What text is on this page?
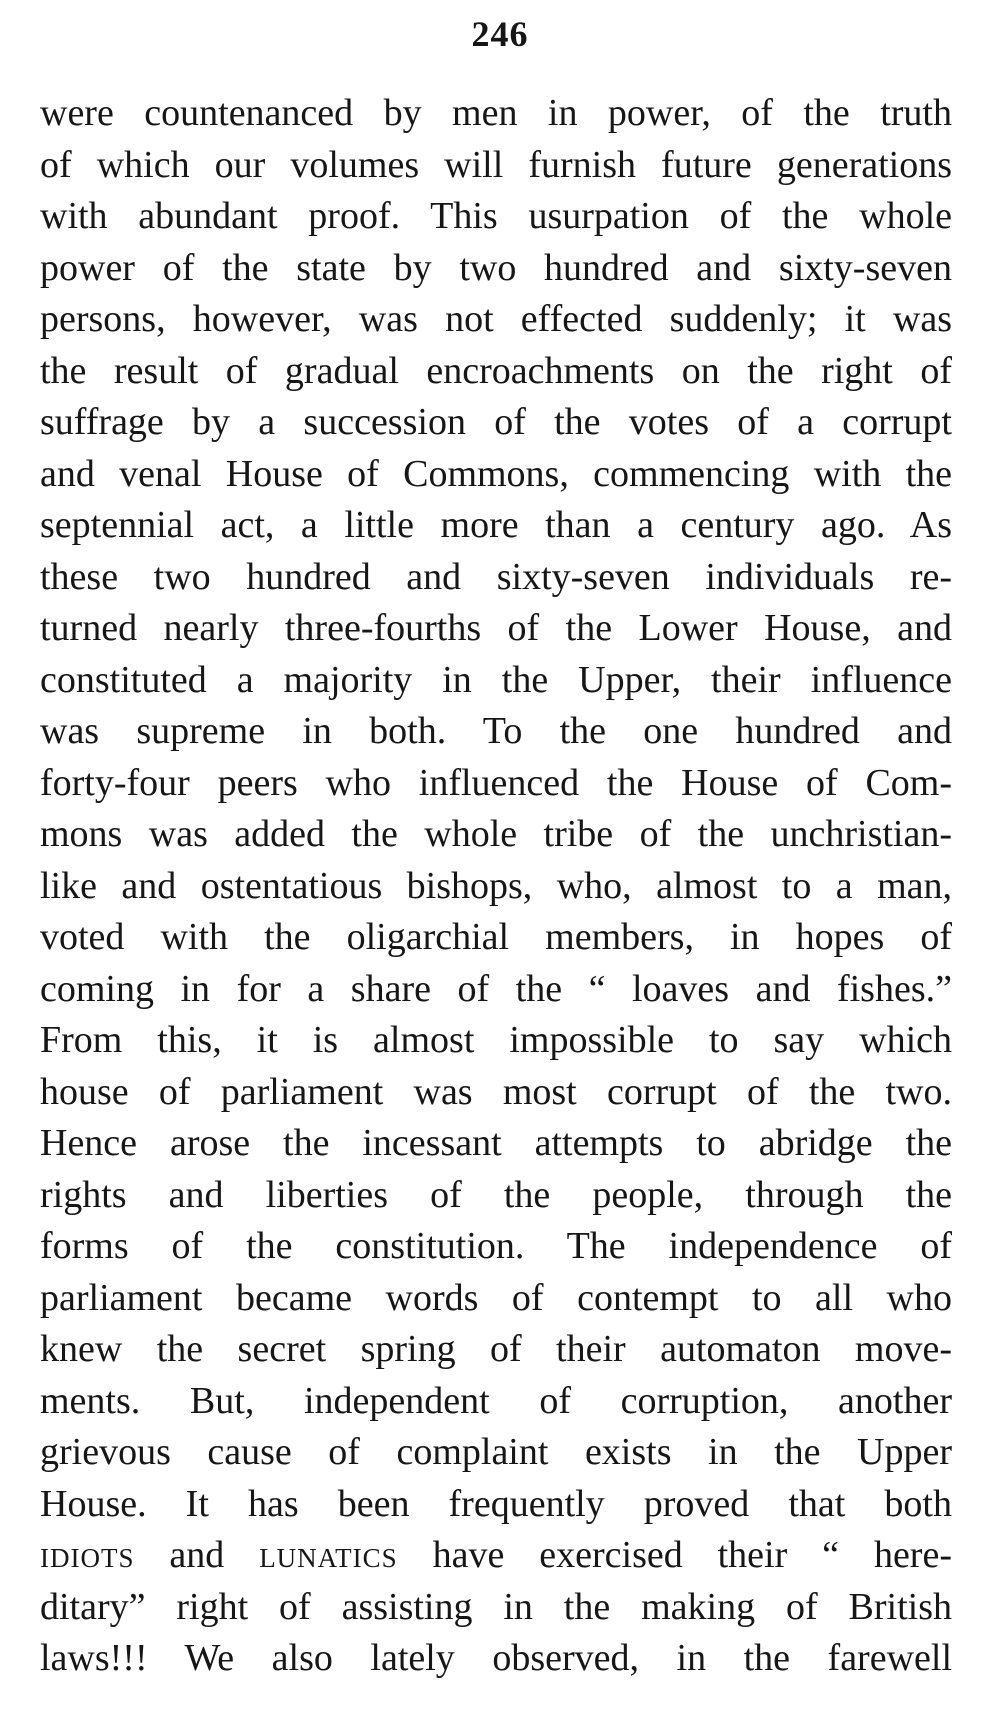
246
were countenanced by men in power, of the truth
of which our volumes will furnish future generations
with abundant proof. This usurpation of the whole
power of the state by two hundred and sixty-seven
persons, however, was not effected suddenly; it was
the result of gradual encroachments on the right of
suffrage by a succession of the votes of a corrupt
and venal House of Commons, commencing with the
septennial act, a little more than a century ago. As
these two hundred and sixty-seven individuals re-
turned nearly three-fourths of the Lower House, and
constituted a majority in the Upper, their influence
was supreme in both. To the one hundred and
forty-four peers who influenced the House of Com-
mons was added the whole tribe of the unchristian-
like and ostentatious bishops, who, almost to a man,
voted with the oligarchial members, in hopes of
coming in for a share of the “ loaves and fishes.”
From this, it is almost impossible to say which
house of parliament was most corrupt of the two.
Hence arose the incessant attempts to abridge the
rights and liberties of the people, through the
forms of the constitution. The independence of
parliament became words of contempt to all who
knew the secret spring of their automaton move-
ments. But, independent of corruption, another
grievous cause of complaint exists in the Upper
House. It has been frequently proved that both
idiots and lunatics have exercised their “ here-
ditary” right of assisting in the making of British
laws!!! We also lately observed, in the farewell
